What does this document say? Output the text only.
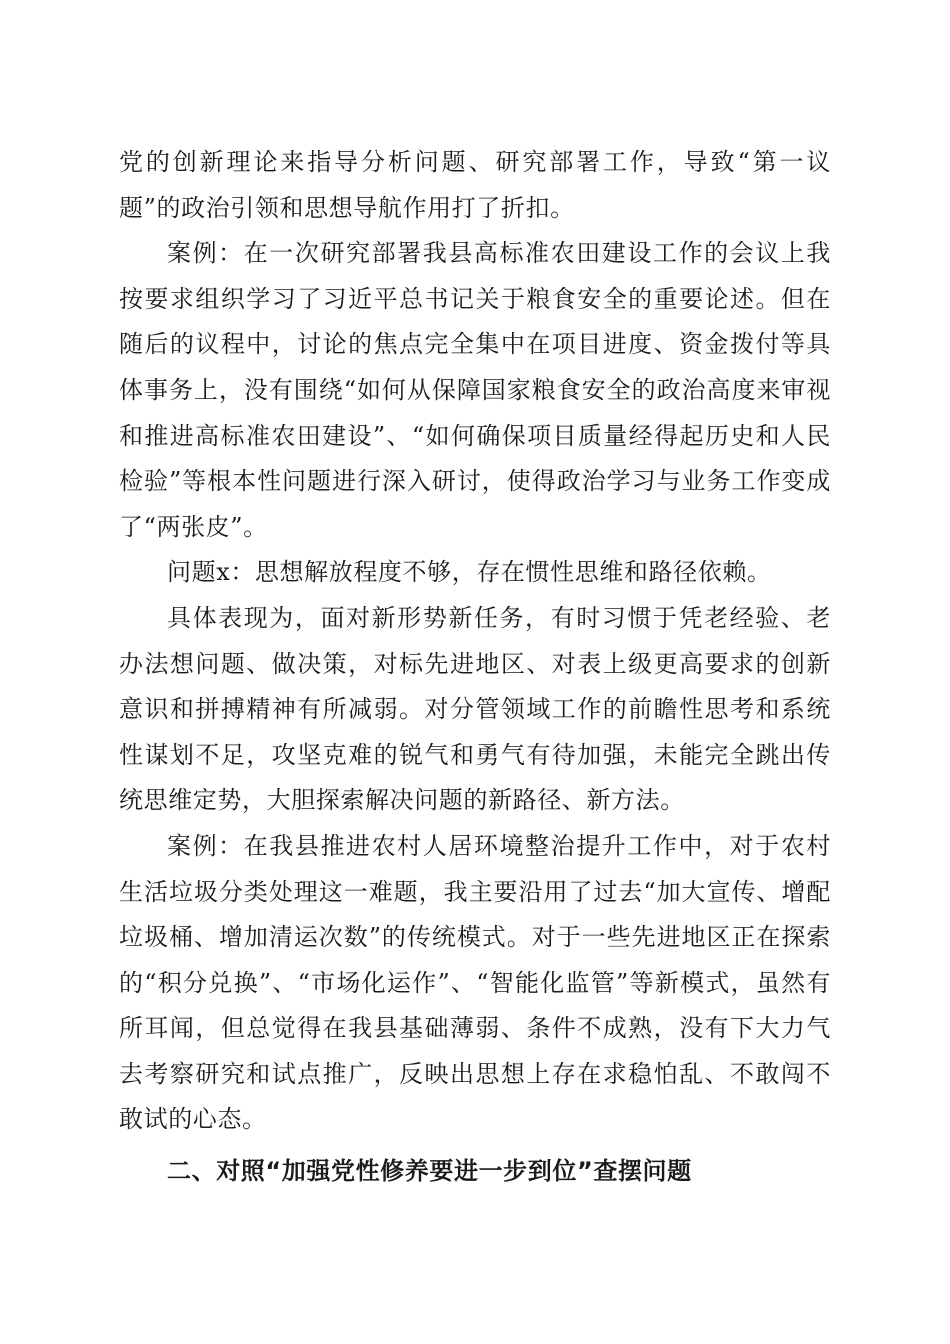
党的创新理论来指导分析问题、研究部署工作，导致“第一议题”的政治引领和思想导航作用打了折扣。

案例：在一次研究部署我县高标准农田建设工作的会议上我按要求组织学习了习近平总书记关于粮食安全的重要论述。但在随后的议程中，讨论的焦点完全集中在项目进度、资金拨付等具体事务上，没有围绕“如何从保障国家粮食安全的政治高度来审视和推进高标准农田建设”、“如何确保项目质量经得起历史和人民检验”等根本性问题进行深入研讨，使得政治学习与业务工作变成了“两张皮”。

问题x：思想解放程度不够，存在惯性思维和路径依赖。

具体表现为，面对新形势新任务，有时习惯于凭老经验、老办法想问题、做决策，对标先进地区、对表上级更高要求的创新意识和拼搏精神有所减弱。对分管领域工作的前瞻性思考和系统性谋划不足，攻坚克难的锐气和勇气有待加强，未能完全跳出传统思维定势，大胆探索解决问题的新路径、新方法。

案例：在我县推进农村人居环境整治提升工作中，对于农村生活垃圾分类处理这一难题，我主要沿用了过去“加大宣传、增配垃圾桶、增加清运次数”的传统模式。对于一些先进地区正在探索的“积分兑换”、“市场化运作”、“智能化监管”等新模式，虽然有所耳闻，但总觉得在我县基础薄弱、条件不成熟，没有下大力气去考察研究和试点推广，反映出思想上存在求稳怕乱、不敢闯不敢试的心态。

二、对照“加强党性修养要进一步到位”查摆问题
